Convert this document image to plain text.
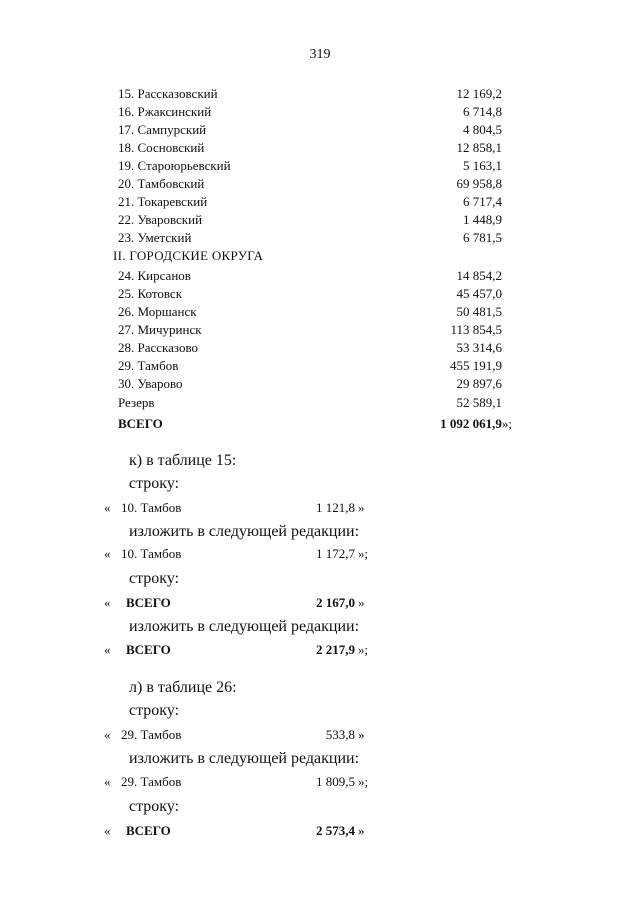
319
15. Рассказовский	12 169,2
16. Ржаксинский	6 714,8
17. Сампурский	4 804,5
18. Сосновский	12 858,1
19. Староюрьевский	5 163,1
20. Тамбовский	69 958,8
21. Токаревский	6 717,4
22. Уваровский	1 448,9
23. Уметский	6 781,5
II. ГОРОДСКИЕ ОКРУГА
24. Кирсанов	14 854,2
25. Котовск	45 457,0
26. Моршанск	50 481,5
27. Мичуринск	113 854,5
28. Рассказово	53 314,6
29. Тамбов	455 191,9
30. Уварово	29 897,6
Резерв	52 589,1
ВСЕГО	1 092 061,9»;
к) в таблице 15:
строку:
« 10. Тамбов	1 121,8 »
изложить в следующей редакции:
« 10. Тамбов	1 172,7 »;
строку:
« ВСЕГО	2 167,0 »
изложить в следующей редакции:
« ВСЕГО	2 217,9 »;
л) в таблице 26:
строку:
« 29. Тамбов	533,8 »
изложить в следующей редакции:
« 29. Тамбов	1 809,5 »;
строку:
« ВСЕГО	2 573,4 »
